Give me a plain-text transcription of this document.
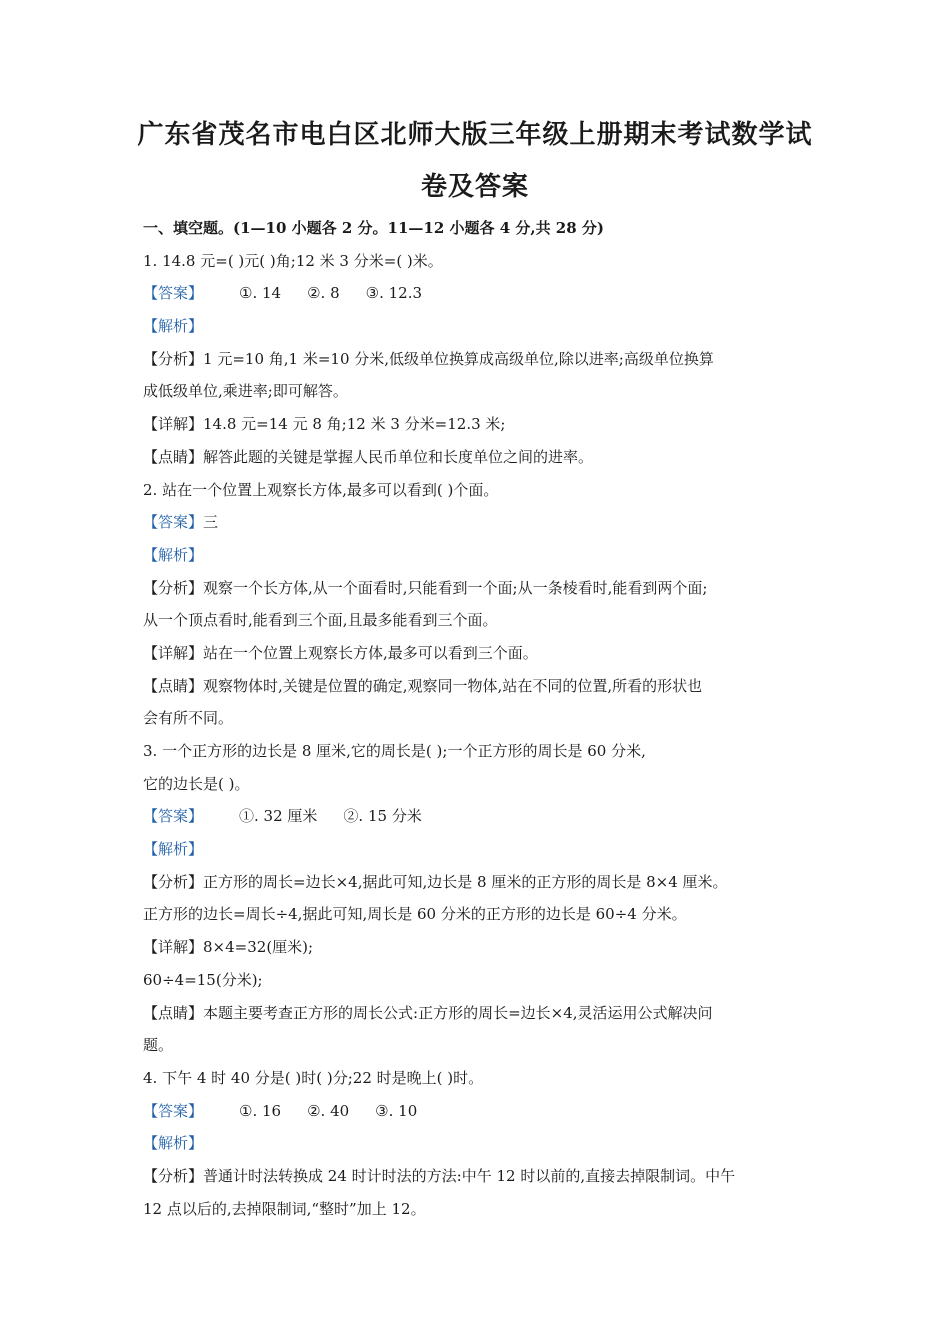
广东省茂名市电白区北师大版三年级上册期末考试数学试
卷及答案
一、填空题。(1—10 小题各 2 分。11—12 小题各 4 分,共 28 分)
1. 14.8 元=( )元( )角;12 米 3 分米=( )米。
【答案】 ①. 14 ②. 8 ③. 12.3
【解析】
【分析】1 元=10 角,1 米=10 分米,低级单位换算成高级单位,除以进率;高级单位换算
成低级单位,乘进率;即可解答。
【详解】14.8 元=14 元 8 角;12 米 3 分米=12.3 米;
【点睛】解答此题的关键是掌握人民币单位和长度单位之间的进率。
2. 站在一个位置上观察长方体,最多可以看到( )个面。
【答案】三
【解析】
【分析】观察一个长方体,从一个面看时,只能看到一个面;从一条棱看时,能看到两个面;
从一个顶点看时,能看到三个面,且最多能看到三个面。
【详解】站在一个位置上观察长方体,最多可以看到三个面。
【点睛】观察物体时,关键是位置的确定,观察同一物体,站在不同的位置,所看的形状也
会有所不同。
3. 一个正方形的边长是 8 厘米,它的周长是( );一个正方形的周长是 60 分米,
它的边长是( )。
【答案】 ①. 32 厘米 ②. 15 分米
【解析】
【分析】正方形的周长=边长×4,据此可知,边长是 8 厘米的正方形的周长是 8×4 厘米。
正方形的边长=周长÷4,据此可知,周长是 60 分米的正方形的边长是 60÷4 分米。
【详解】8×4=32(厘米);
60÷4=15(分米);
【点睛】本题主要考查正方形的周长公式:正方形的周长=边长×4,灵活运用公式解决问
题。
4. 下午 4 时 40 分是( )时( )分;22 时是晚上( )时。
【答案】 ①. 16 ②. 40 ③. 10
【解析】
【分析】普通计时法转换成 24 时计时法的方法:中午 12 时以前的,直接去掉限制词。中午
12 点以后的,去掉限制词,“整时”加上 12。
